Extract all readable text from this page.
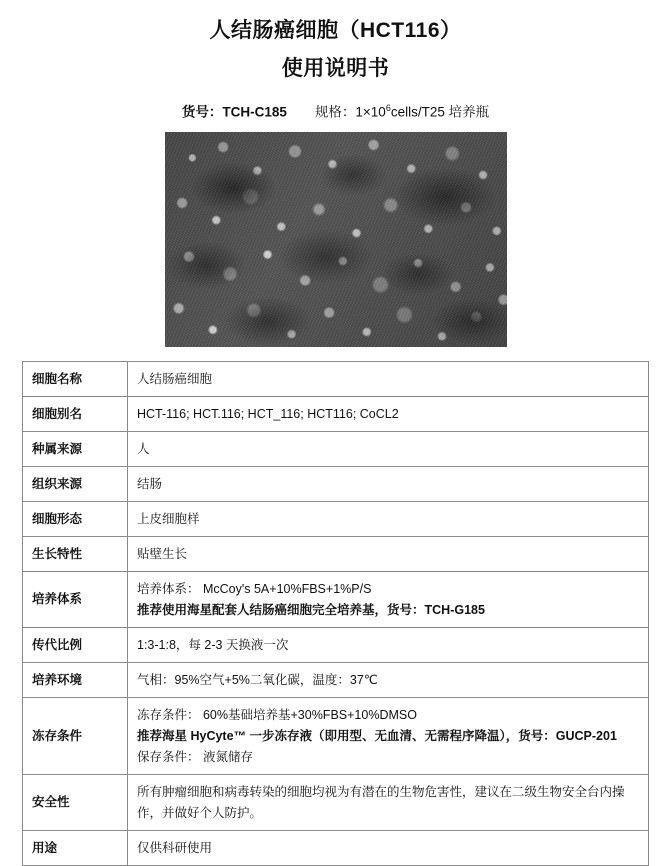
人结肠癌细胞（HCT116）
使用说明书
货号：TCH-C185 规格：$1\times 10^6cells/T25$ 培养瓶
细胞名称	人结肠癌细胞

细胞别名	HCT-116; HCT.116; HCT_116; HCT116; CoCL2

种属来源	人

组织来源	结肠

细胞形态	上皮细胞样

生长特性	贴壁生长

培养体系	培养体系： McCoy's 5A+10%FBS+1%P/S
推荐使用海星配套人结肠癌细胞完全培养基，货号：TCH-G185

传代比例	1:3-1:8，每 2-3 天换液一次

培养环境	气相：95%空气+5%二氧化碳，温度：37℃

冻存条件	冻存条件： 60%基础培养基+30%FBS+10%DMSO
推荐海星 HyCyte™ 一步冻存液（即用型、无血清、无需程序降温），货号：GUCP-201
保存条件： 液氮储存

安全性	所有肿瘤细胞和病毒转染的细胞均视为有潜在的生物危害性，建议在二级生物安全台内操
作，并做好个人防护。

用途	仅供科研使用
